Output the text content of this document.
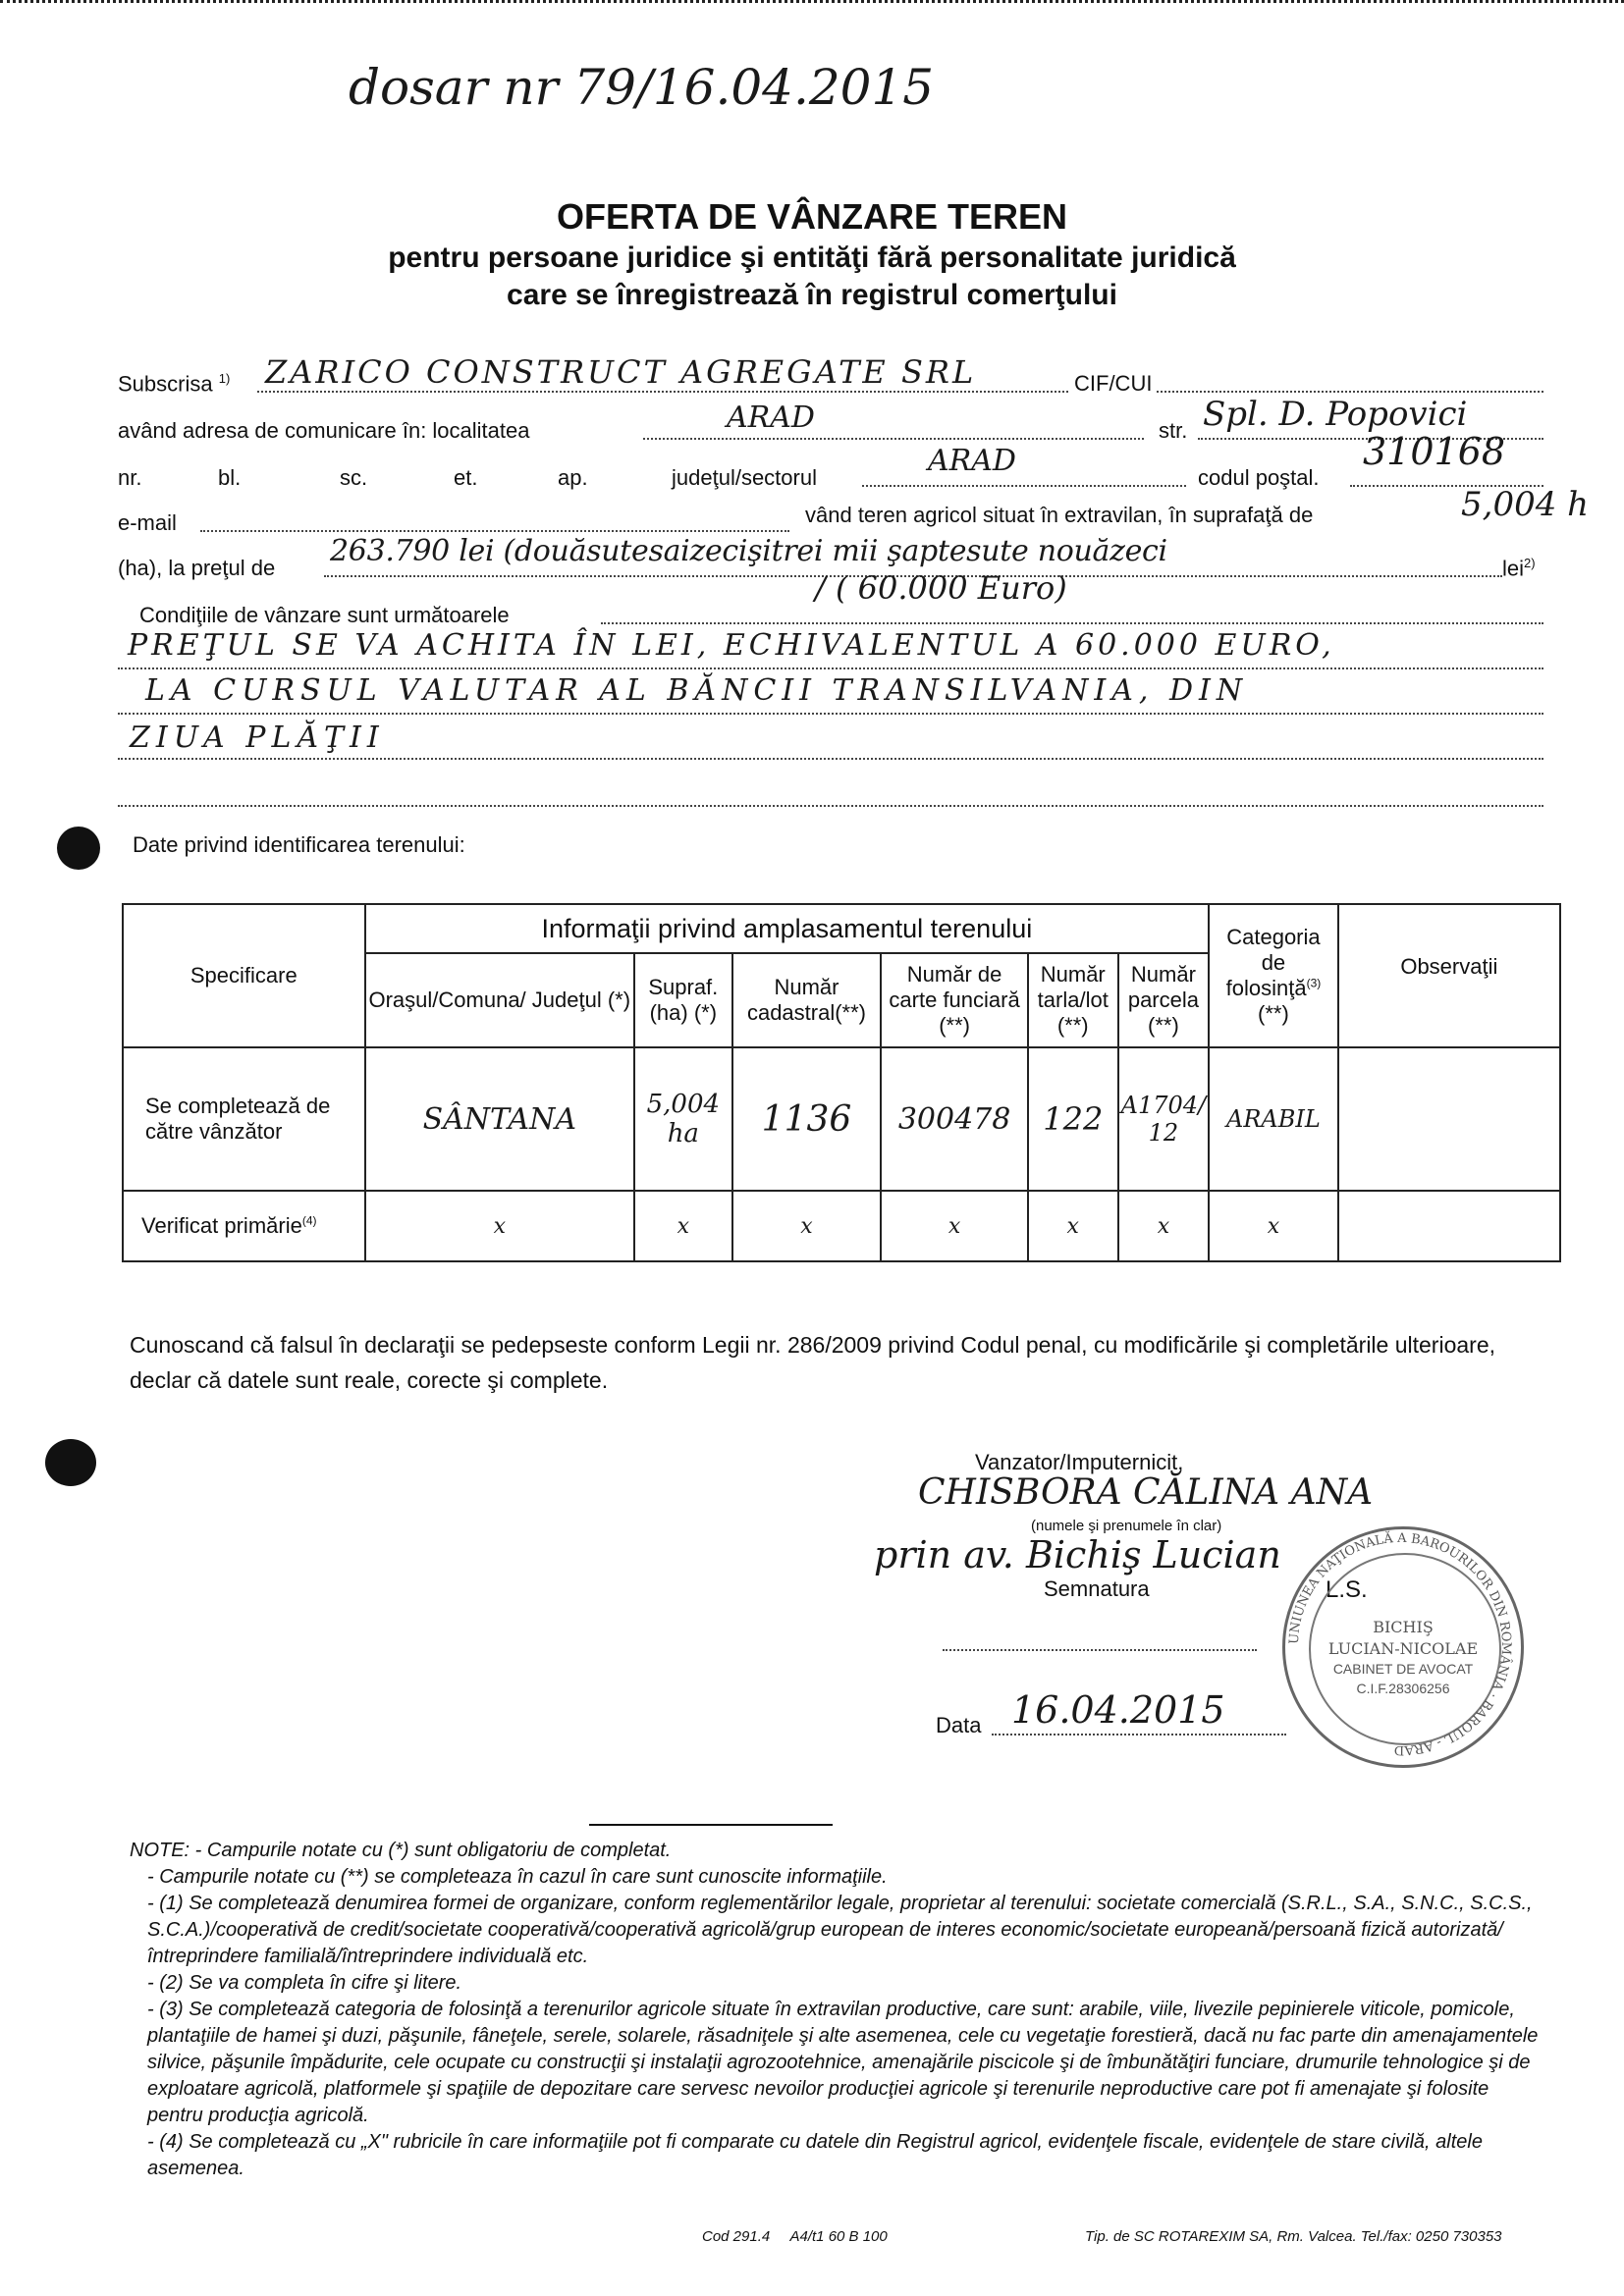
dosar nr 79/16.04.2015
OFERTA DE VÂNZARE TEREN
pentru persoane juridice şi entităţi fără personalitate juridică
care se înregistrează în registrul comerţului
Subscrisa $^{1)}$ ZARICO CONSTRUCT AGREGATE SRL	CIF/CUI
având adresa de comunicare în: localitatea	ARAD	str. Spl. D. Popovici
nr.	bl.	sc.	et.	ap.	judeţul/sectorul	ARAD	codul poştal.
310168
e-mail	vând teren agricol situat în extravilan, în suprafaţă de	5,004 h
(ha), la preţul de 263.790 lei (douăsutesaizecişitrei mii şaptesute nouăzeci	lei$^{2)}$
/ ( 60.000 Euro)
Condiţiile de vânzare sunt următoarele
PREŢUL SE VA ACHITA ÎN LEI, ECHIVALENTUL A 60.000 EURO,
LA CURSUL VALUTAR AL BĂNCII TRANSILVANIA, DIN
ZIUA PLĂŢII
Date privind identificarea terenului:
Specificare	Informaţii privind amplasamentul terenului						Categoria de folosinţă$^{(3)}$
(**)	Observaţii
	Oraşul/Comuna/ Judeţul (*)	Supraf. (ha) (*)	Număr cadastral(**)	Număr de carte funciară (**)	Număr tarla/lot (**)	Număr parcela (**)		
Se completează de către vânzător	SÂNTANA	5,004 ha	1136	300478	122	A1704/ 12	ARABIL	
Verificat primărie$^{(4)}$	x	x	x	x	x	x	x	
Cunoscand că falsul în declaraţii se pedepseste conform Legii nr. 286/2009 privind Codul penal, cu modificările şi completările ulterioare, declar că datele sunt reale, corecte şi complete.
Vanzator/Imputernicit,
CHISBORA CĂLINA ANA
(numele şi prenumele în clar)
prin av. Bichiş Lucian
Semnatura	L.S.
Data 16.04.2015
UNIUNEA NAŢIONALĂ A BAROURILOR DIN ROMÂNIA · BAROUL - ARAD
BICHIŞ
LUCIAN-NICOLAE
CABINET DE AVOCAT
C.I.F.28306256

NOTE: - Campurile notate cu (*) sunt obligatoriu de completat.

- Campurile notate cu (**) se completeaza în cazul în care sunt cunoscite informaţiile.

- (1) Se completează denumirea formei de organizare, conform reglementărilor legale, proprietar al terenului: societate comercială (S.R.L., S.A., S.N.C., S.C.S., S.C.A.)/cooperativă de credit/societate cooperativă/cooperativă agricolă/grup european de interes economic/societate europeană/persoană fizică autorizată/întreprindere familială/întreprindere individuală etc.

- (2) Se va completa în cifre şi litere.

- (3) Se completează categoria de folosinţă a terenurilor agricole situate în extravilan productive, care sunt: arabile, viile, livezile pepinierele viticole, pomicole, plantaţiile de hamei şi duzi, păşunile, fâneţele, serele, solarele, răsadniţele şi alte asemenea, cele cu vegetaţie forestieră, dacă nu fac parte din amenajamentele silvice, păşunile împădurite, cele ocupate cu construcţii şi instalaţii agrozootehnice, amenajările piscicole şi de îmbunătăţiri funciare, drumurile tehnologice şi de exploatare agricolă, platformele şi spaţiile de depozitare care servesc nevoilor producţiei agricole şi terenurile neproductive care pot fi amenajate şi folosite pentru producţia agricolă.

- (4) Se completează cu „X" rubricile în care informaţiile pot fi comparate cu datele din Registrul agricol, evidenţele fiscale, evidenţele de stare civilă, altele asemenea.

Cod 291.4     A4/t1 60 B 100	Tip. de SC ROTAREXIM SA, Rm. Valcea. Tel./fax: 0250 730353
